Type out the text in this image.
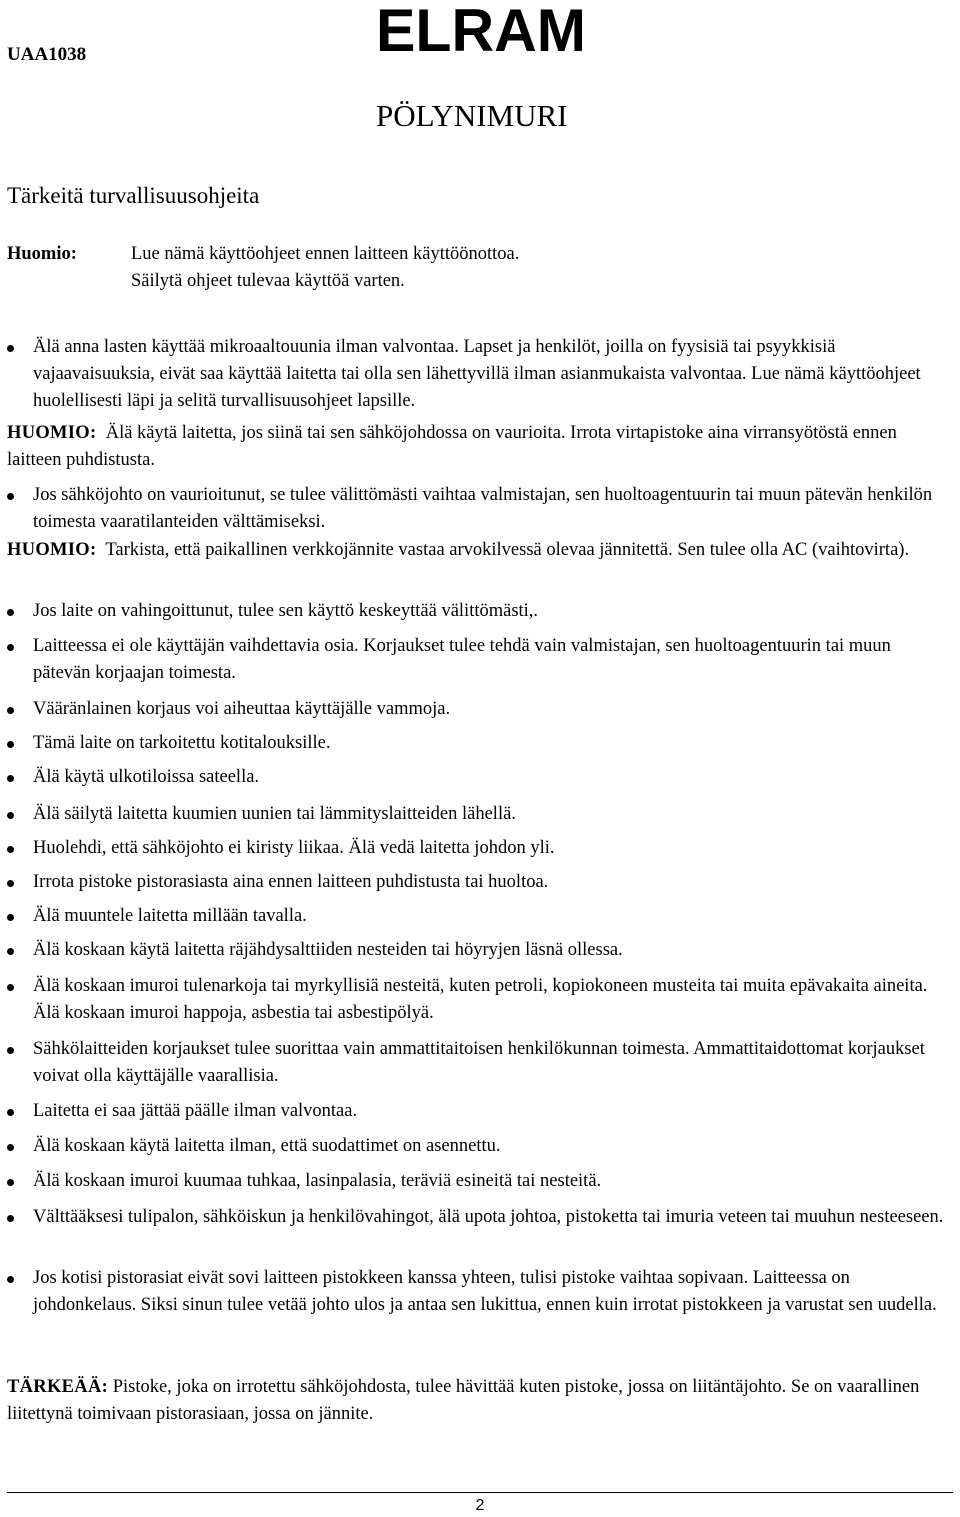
UAA1038	ELRAM
PÖLYNIMURI
Tärkeitä turvallisuusohjeita
Huomio:	Lue nämä käyttöohjeet ennen laitteen käyttöönottoa.
Säilytä ohjeet tulevaa käyttöä varten.
Älä anna lasten käyttää mikroaaltouunia ilman valvontaa. Lapset ja henkilöt, joilla on fyysisiä tai psyykkisiä vajaavaisuuksia, eivät saa käyttää laitetta tai olla sen lähettyvillä ilman asianmukaista valvontaa. Lue nämä käyttöohjeet huolellisesti läpi ja selitä turvallisuusohjeet lapsille.
HUOMIO: Älä käytä laitetta, jos siinä tai sen sähköjohdossa on vaurioita. Irrota virtapistoke aina virransyötöstä ennen laitteen puhdistusta.
Jos sähköjohto on vaurioitunut, se tulee välittömästi vaihtaa valmistajan, sen huoltoagentuurin tai muun pätevän henkilön toimesta vaaratilanteiden välttämiseksi.
HUOMIO: Tarkista, että paikallinen verkkojännite vastaa arvokilvessä olevaa jännitettä. Sen tulee olla AC (vaihtovirta).
Jos laite on vahingoittunut, tulee sen käyttö keskeyttää välittömästi,.
Laitteessa ei ole käyttäjän vaihdettavia osia. Korjaukset tulee tehdä vain valmistajan, sen huoltoagentuurin tai muun pätevän korjaajan toimesta.
Vääränlainen korjaus voi aiheuttaa käyttäjälle vammoja.
Tämä laite on tarkoitettu kotitalouksille.
Älä käytä ulkotiloissa sateella.
Älä säilytä laitetta kuumien uunien tai lämmityslaitteiden lähellä.
Huolehdi, että sähköjohto ei kiristy liikaa. Älä vedä laitetta johdon yli.
Irrota pistoke pistorasiasta aina ennen laitteen puhdistusta tai huoltoa.
Älä muuntele laitetta millään tavalla.
Älä koskaan käytä laitetta räjähdysalttiiden nesteiden tai höyryjen läsnä ollessa.
Älä koskaan imuroi tulenarkoja tai myrkyllisiä nesteitä, kuten petroli, kopiokoneen musteita tai muita epävakaita aineita. Älä koskaan imuroi happoja, asbestia tai asbestipölyä.
Sähkölaitteiden korjaukset tulee suorittaa vain ammattitaitoisen henkilökunnan toimesta. Ammattitaidottomat korjaukset voivat olla käyttäjälle vaarallisia.
Laitetta ei saa jättää päälle ilman valvontaa.
Älä koskaan käytä laitetta ilman, että suodattimet on asennettu.
Älä koskaan imuroi kuumaa tuhkaa, lasinpalasia, teräviä esineitä tai nesteitä.
Välttääksesi tulipalon, sähköiskun ja henkilövahingot, älä upota johtoa, pistoketta tai imuria veteen tai muuhun nesteeseen.
Jos kotisi pistorasiat eivät sovi laitteen pistokkeen kanssa yhteen, tulisi pistoke vaihtaa sopivaan. Laitteessa on johdonkelaus. Siksi sinun tulee vetää johto ulos ja antaa sen lukittua, ennen kuin irrotat pistokkeen ja varustat sen uudella.
TÄRKEÄÄ: Pistoke, joka on irrotettu sähköjohdosta, tulee hävittää kuten pistoke, jossa on liitäntäjohto. Se on vaarallinen liitettynä toimivaan pistorasiaan, jossa on jännite.
2
